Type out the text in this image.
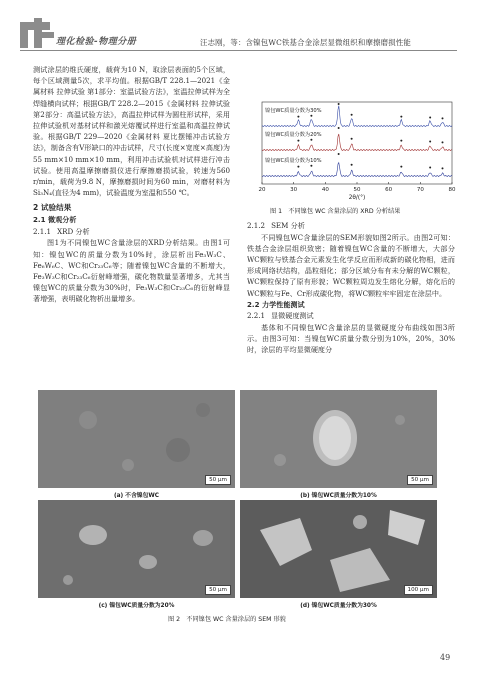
理化检验-物理分册	汪志刚，等：含镍包WC铁基合金涂层显微组织和摩擦磨损性能

测试涂层的维氏硬度，载荷为10 N，取涂层表面的5个区域，每个区域测量5次，求平均值。根据GB/T 228.1—2021《金属材料 拉伸试验 第1部分：室温试验方法》，室温拉伸试样为全焊缝横向试样；根据GB/T 228.2—2015《金属材料 拉伸试验 第2部分：高温试验方法》，高温拉伸试样为圆柱形试样，采用拉伸试验机对基材试样和激光熔覆试样进行室温和高温拉伸试验。根据GB/T 229—2020《金属材料 夏比摆锤冲击试验方法》，制备含有V形缺口的冲击试样，尺寸(长度×宽度×高度)为55 mm×10 mm×10 mm，利用冲击试验机对试样进行冲击试验。使用高温摩擦磨损仪进行摩擦磨损试验，转速为560 r/min，载荷为9.8 N，摩擦磨损时间为60 min，对磨材料为Si₃N₄(直径为4 mm)，试验温度为室温和550 ℃。

2 试验结果
2.1 微观分析
2.1.1 XRD 分析

图1为不同镍包WC含量涂层的XRD分析结果。由图1可知：镍包WC的质量分数为10%时，涂层析出Fe₃W₃C、Fe₆W₆C、WC和Cr₂₃C₆等；随着镍包WC含量的不断增大，Fe₃W₃C和Cr₂₃C₆衍射峰增强，碳化物数量显著增多，尤其当镍包WC的质量分数为30%时，Fe₃W₃C和Cr₂₃C₆的衍射峰显著增强，表明碳化物析出量增多。

20	30	40	50	60	70	80
2θ/(°)
镍包WC质量分数为30%
镍包WC质量分数为20%
镍包WC质量分数为10%
图 1　不同镍包 WC 含量涂层的 XRD 分析结果
2.1.2 SEM 分析

不同镍包WC含量涂层的SEM形貌如图2所示。由图2可知：铁基合金涂层组织致密；随着镍包WC含量的不断增大，大部分WC颗粒与铁基合金元素发生化学反应而形成新的碳化物相，进而形成网络状结构，晶粒细化；部分区域分布有未分解的WC颗粒，WC颗粒保持了原有形貌；WC颗粒周边发生熔化分解，熔化后的WC颗粒与Fe、Cr形成碳化物，将WC颗粒牢牢固定在涂层中。

2.2 力学性能测试
2.2.1 显微硬度测试

基体和不同镍包WC含量涂层的显微硬度分布曲线如图3所示。由图3可知：当镍包WC质量分数分别为10%，20%，30%时，涂层的平均显微硬度分

50 μm
(a) 不含镍包WC
50 μm
(b) 镍包WC质量分数为10%
50 μm
(c) 镍包WC质量分数为20%
100 μm
(d) 镍包WC质量分数为30%
图 2　不同镍包 WC 含量涂层的 SEM 形貌
49
